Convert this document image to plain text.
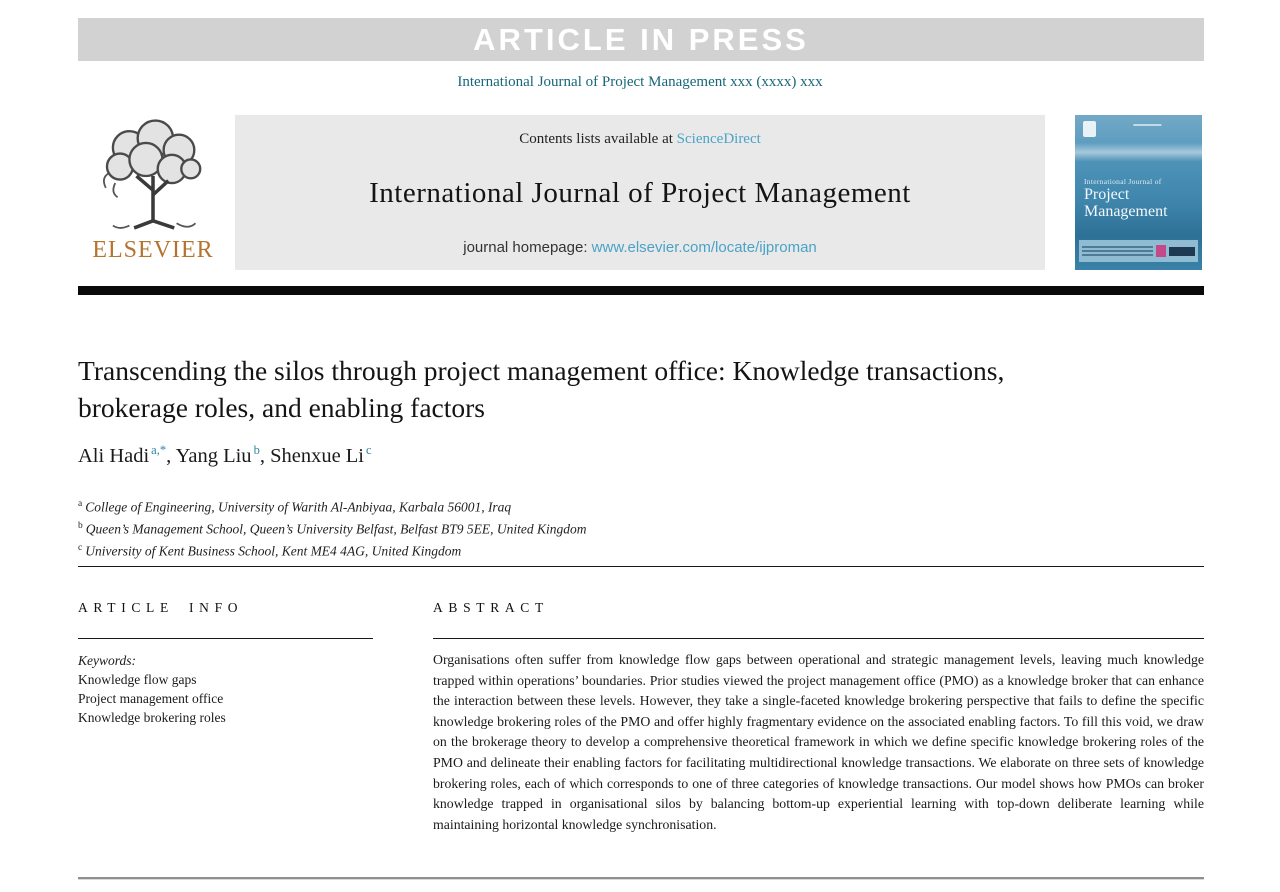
ARTICLE IN PRESS
International Journal of Project Management xxx (xxxx) xxx
ELSEVIER
Contents lists available at ScienceDirect
International Journal of Project Management
journal homepage: www.elsevier.com/locate/ijproman
International Journal of
Project
Management
Transcending the silos through project management office: Knowledge transactions, brokerage roles, and enabling factors
Ali Hadi $^{a,*}$, Yang Liu $^b$, Shenxue Li $^c$
$^a$ College of Engineering, University of Warith Al-Anbiyaa, Karbala 56001, Iraq
$^b$ Queen’s Management School, Queen’s University Belfast, Belfast BT9 5EE, United Kingdom
$^c$ University of Kent Business School, Kent ME4 4AG, United Kingdom
ARTICLE INFO
Keywords:
Knowledge flow gaps
Project management office
Knowledge brokering roles
ABSTRACT

Organisations often suffer from knowledge flow gaps between operational and strategic management levels, leaving much knowledge trapped within operations’ boundaries. Prior studies viewed the project management office (PMO) as a knowledge broker that can enhance the interaction between these levels. However, they take a single-faceted knowledge brokering perspective that fails to define the specific knowledge brokering roles of the PMO and offer highly fragmentary evidence on the associated enabling factors. To fill this void, we draw on the brokerage theory to develop a comprehensive theoretical framework in which we define specific knowledge brokering roles of the PMO and delineate their enabling factors for facilitating multidirectional knowledge transactions. We elaborate on three sets of knowledge brokering roles, each of which corresponds to one of three categories of knowledge transactions. Our model shows how PMOs can broker knowledge trapped in organisational silos by balancing bottom-up experiential learning with top-down deliberate learning while maintaining horizontal knowledge synchronisation.
